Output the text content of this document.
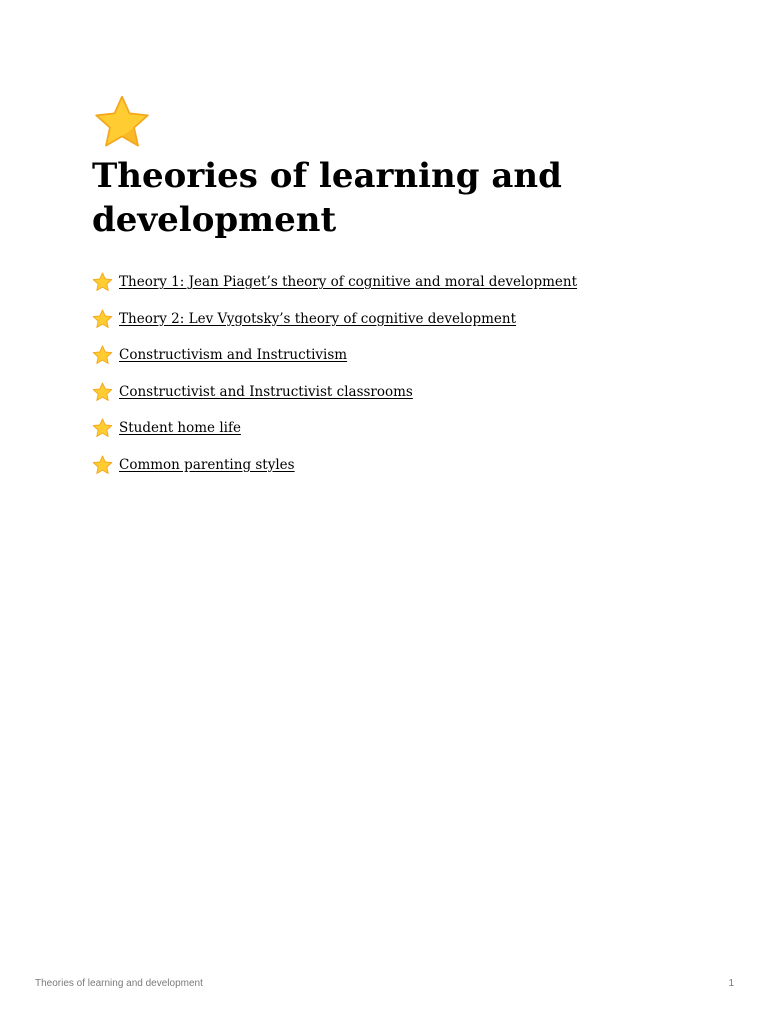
Theories of learning and development
Theory 1: Jean Piaget’s theory of cognitive and moral development
Theory 2: Lev Vygotsky’s theory of cognitive development
Constructivism and Instructivism
Constructivist and Instructivist classrooms
Student home life
Common parenting styles
Theories of learning and development	1
